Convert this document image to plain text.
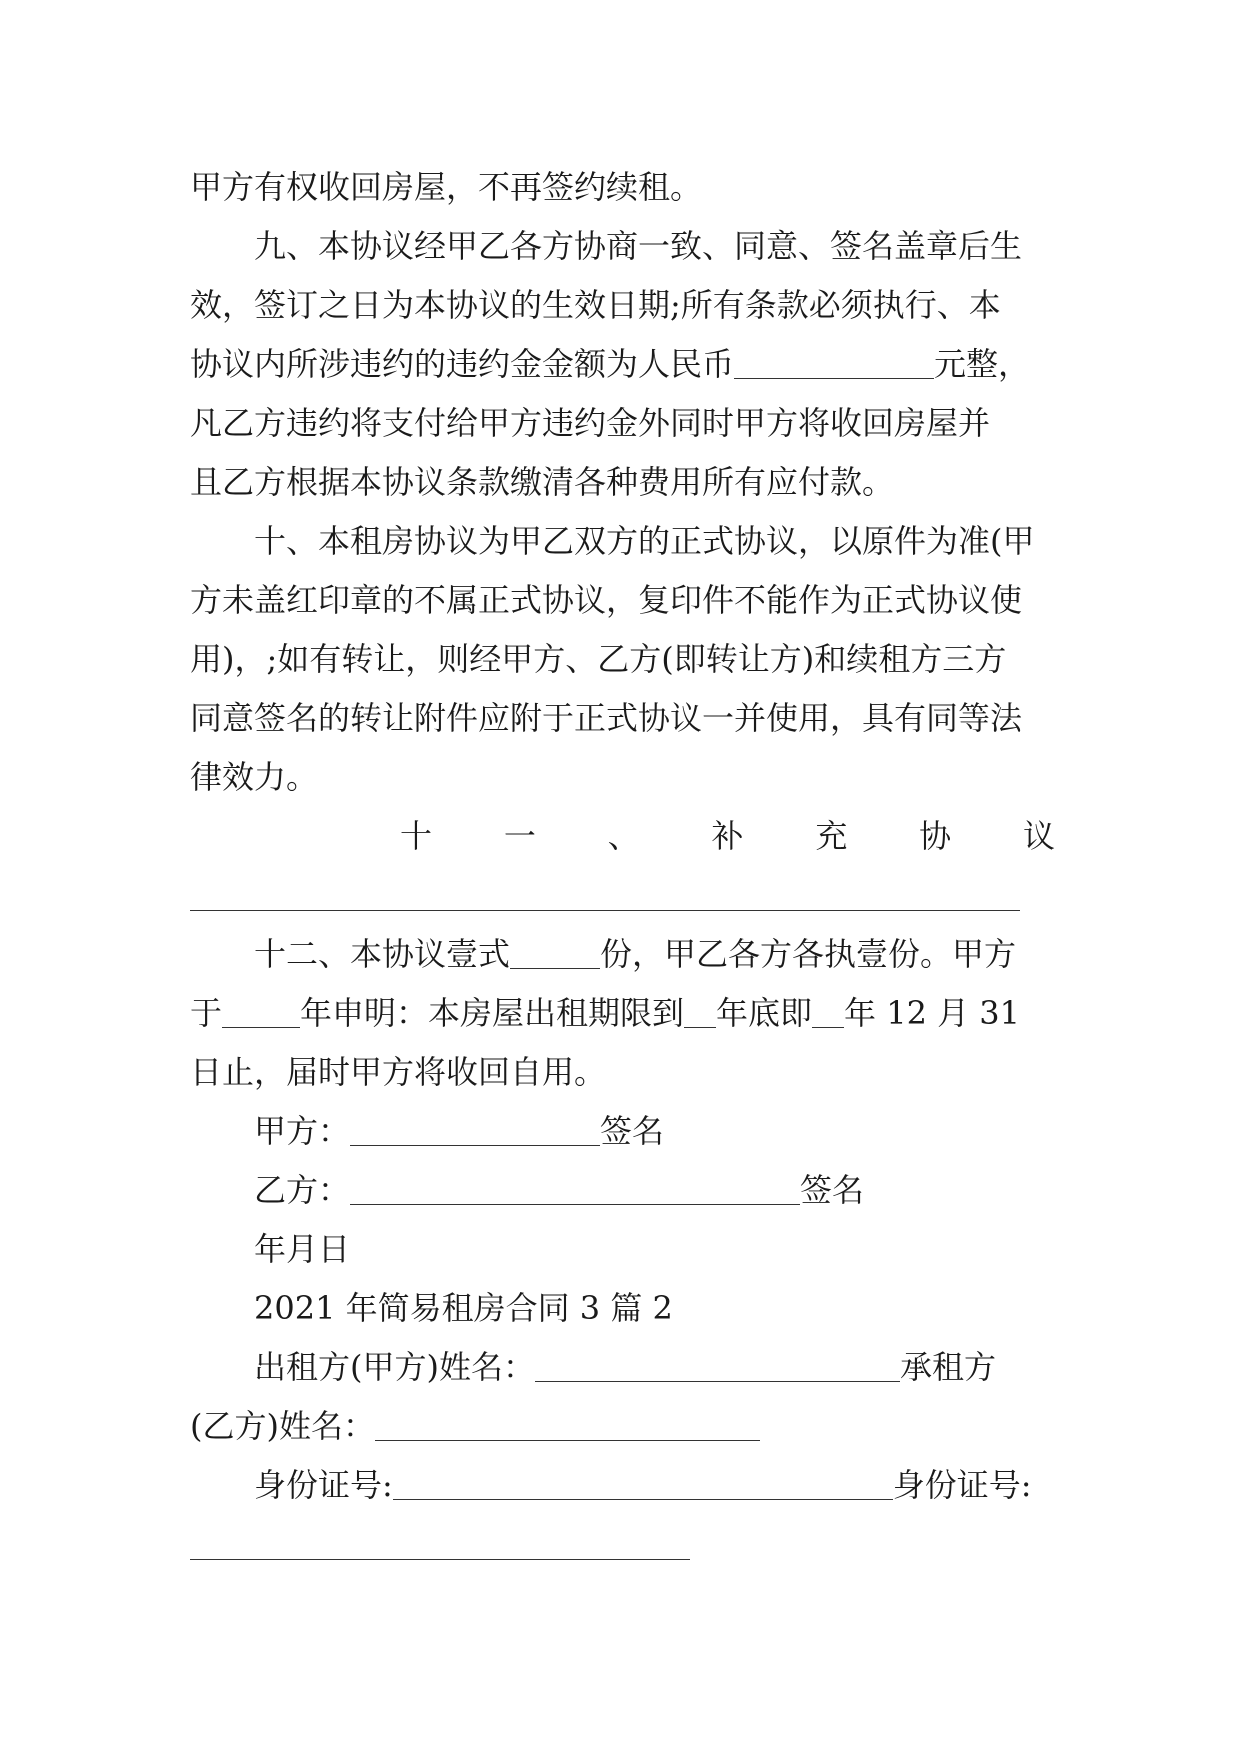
甲方有权收回房屋，不再签约续租。
九、本协议经甲乙各方协商一致、同意、签名盖章后生
效，签订之日为本协议的生效日期;所有条款必须执行、本
协议内所涉违约的违约金金额为人民币	元整，
凡乙方违约将支付给甲方违约金外同时甲方将收回房屋并
且乙方根据本协议条款缴清各种费用所有应付款。
十、本租房协议为甲乙双方的正式协议，以原件为准(甲
方未盖红印章的不属正式协议，复印件不能作为正式协议使
用)，;如有转让，则经甲方、乙方(即转让方)和续租方三方
同意签名的转让附件应附于正式协议一并使用，具有同等法
律效力。
十 一 、 补 充 协 议
十二、本协议壹式	份，甲乙各方各执壹份。甲方
于 年申明：本房屋出租期限到 年底即 年 12 月 31
日止，届时甲方将收回自用。
甲方：	签名
乙方：	签名
年月日
2021 年简易租房合同 3 篇 2
出租方(甲方)姓名：	承租方
(乙方)姓名：
身份证号:	身份证号:
